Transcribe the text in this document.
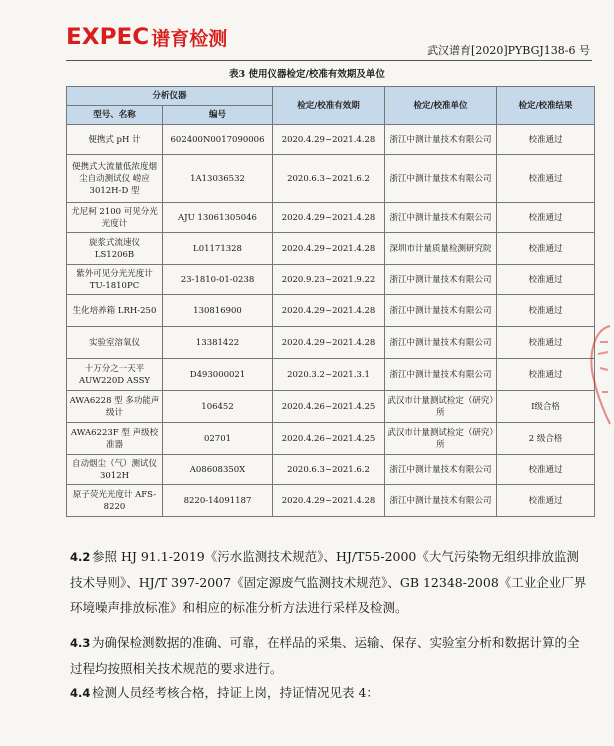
EXPEC 谱育检测
武汉谱育[2020]PYBGJ138-6 号
表3 使用仪器检定/校准有效期及单位
分析仪器		检定/校准有效期	检定/校准单位	检定/校准结果
型号、名称	编号			
便携式 pH 计	602400N0017090006	2020.4.29~2021.4.28	浙江中测计量技术有限公司	校准通过
便携式大流量低浓度烟尘自动测试仪 崂应 3012H-D 型	1A13036532	2020.6.3~2021.6.2	浙江中测计量技术有限公司	校准通过
尤尼柯 2100 可见分光光度计	AJU 13061305046	2020.4.29~2021.4.28	浙江中测计量技术有限公司	校准通过
旋浆式流速仪 LS1206B	L01171328	2020.4.29~2021.4.28	深圳市计量质量检测研究院	校准通过
紫外可见分光光度计 TU-1810PC	23-1810-01-0238	2020.9.23~2021.9.22	浙江中测计量技术有限公司	校准通过
生化培养箱 LRH-250	130816900	2020.4.29~2021.4.28	浙江中测计量技术有限公司	校准通过
实验室溶氧仪	13381422	2020.4.29~2021.4.28	浙江中测计量技术有限公司	校准通过
十万分之一天平 AUW220D ASSY	D493000021	2020.3.2~2021.3.1	浙江中测计量技术有限公司	校准通过
AWA6228 型 多功能声级计	106452	2020.4.26~2021.4.25	武汉市计量测试检定（研究）所	Ⅰ级合格
AWA6223F 型 声级校准器	02701	2020.4.26~2021.4.25	武汉市计量测试检定（研究）所	2 级合格
自动烟尘（气）测试仪 3012H	A08608350X	2020.6.3~2021.6.2	浙江中测计量技术有限公司	校准通过
原子荧光光度计 AFS-8220	8220-14091187	2020.4.29~2021.4.28	浙江中测计量技术有限公司	校准通过
4.2 参照 HJ 91.1-2019《污水监测技术规范》、HJ/T55-2000《大气污染物无组织排放监测技术导则》、HJ/T 397-2007《固定源废气监测技术规范》、GB 12348-2008《工业企业厂界环境噪声排放标准》和相应的标准分析方法进行采样及检测。
4.3 为确保检测数据的准确、可靠，在样品的采集、运输、保存、实验室分析和数据计算的全过程均按照相关技术规范的要求进行。
4.4 检测人员经考核合格，持证上岗，持证情况见表 4：
